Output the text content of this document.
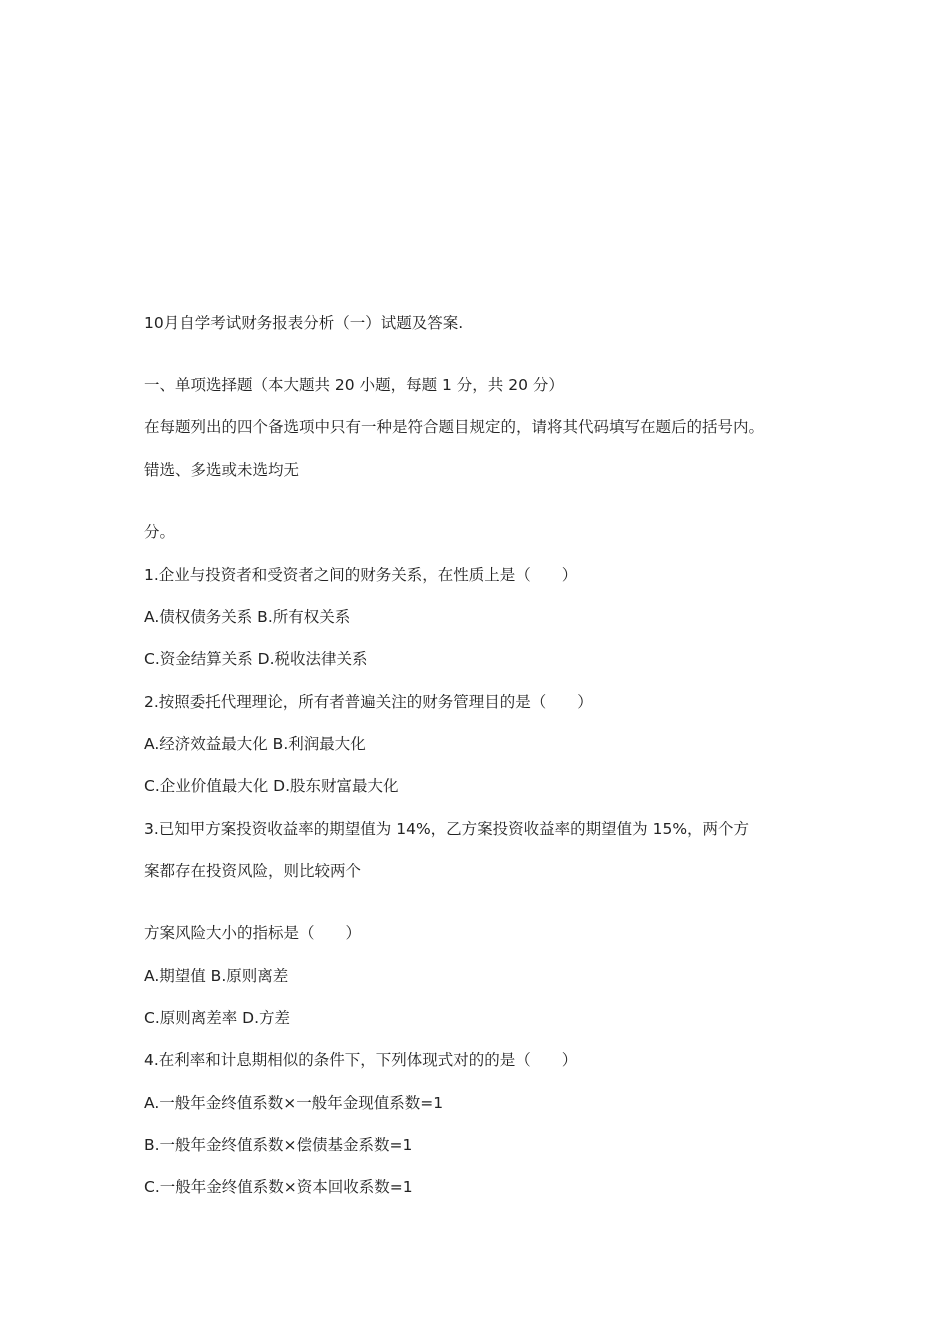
10月自学考试财务报表分析（一）试题及答案.
一、单项选择题（本大题共 20 小题，每题 1 分，共 20 分）
在每题列出的四个备选项中只有一种是符合题目规定的，请将其代码填写在题后的括号内。
错选、多选或未选均无
分。
1.企业与投资者和受资者之间的财务关系，在性质上是（　　）
A.债权债务关系 B.所有权关系
C.资金结算关系 D.税收法律关系
2.按照委托代理理论，所有者普遍关注的财务管理目的是（　　）
A.经济效益最大化 B.利润最大化
C.企业价值最大化 D.股东财富最大化
3.已知甲方案投资收益率的期望值为 14%，乙方案投资收益率的期望值为 15%，两个方
案都存在投资风险，则比较两个
方案风险大小的指标是（　　）
A.期望值 B.原则离差
C.原则离差率 D.方差
4.在利率和计息期相似的条件下，下列体现式对的的是（　　）
A.一般年金终值系数×一般年金现值系数=1
B.一般年金终值系数×偿债基金系数=1
C.一般年金终值系数×资本回收系数=1
